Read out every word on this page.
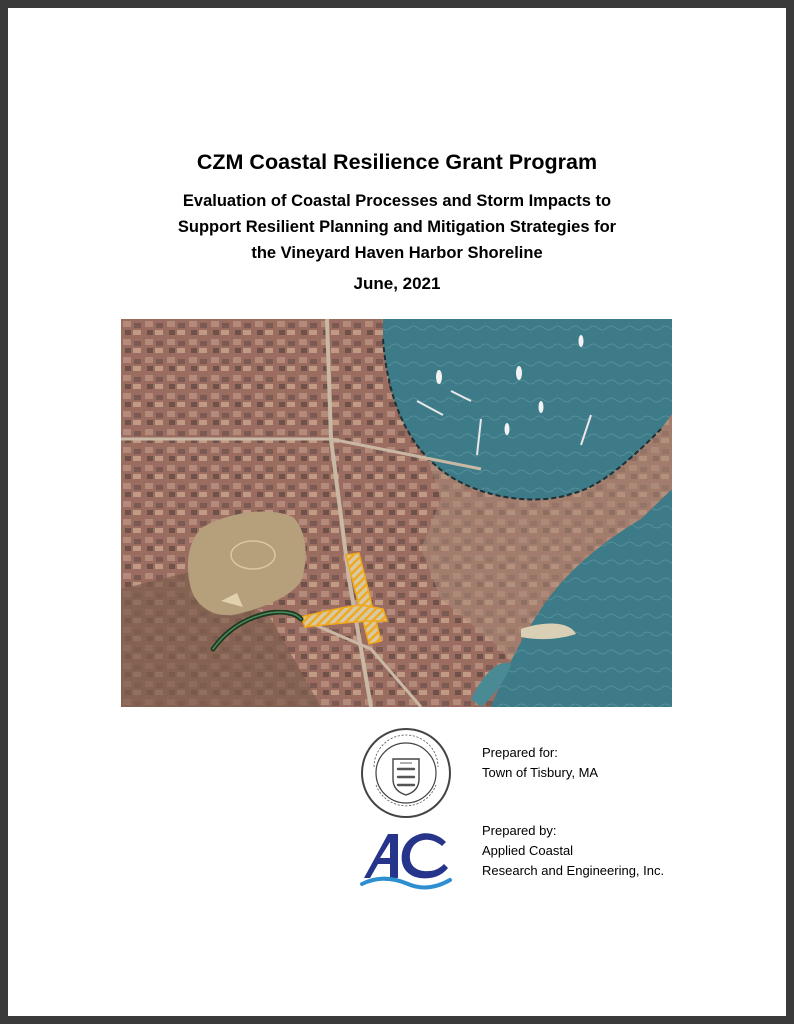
CZM Coastal Resilience Grant Program

Evaluation of Coastal Processes and Storm Impacts to
Support Resilient Planning and Mitigation Strategies for
the Vineyard Haven Harbor Shoreline

June, 2021

Prepared for:
Town of Tisbury, MA
Prepared by:
Applied Coastal
Research and Engineering, Inc.
